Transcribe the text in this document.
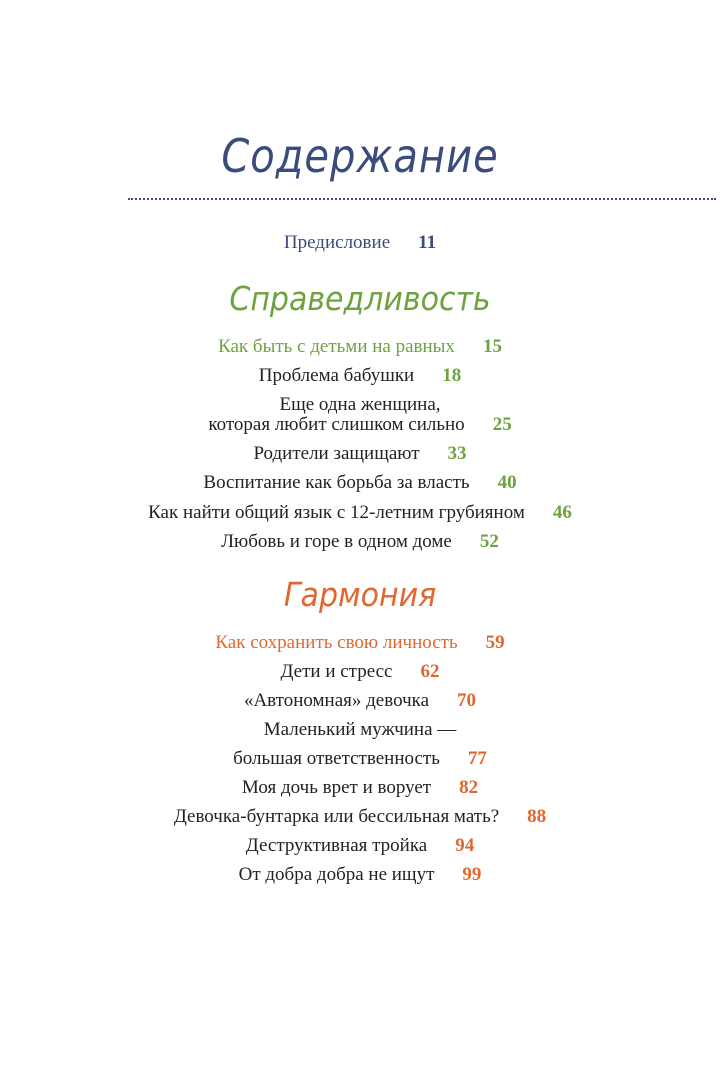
Содержание
Предисловие 11
Справедливость
Как быть с детьми на равных 15
Проблема бабушки 18
Еще одна женщина,
которая любит слишком сильно 25
Родители защищают 33
Воспитание как борьба за власть 40
Как найти общий язык с 12-летним грубияном 46
Любовь и горе в одном доме 52
Гармония
Как сохранить свою личность 59
Дети и стресс 62
«Автономная» девочка 70
Маленький мужчина —
большая ответственность 77
Моя дочь врет и ворует 82
Девочка-бунтарка или бессильная мать? 88
Деструктивная тройка 94
От добра добра не ищут 99
